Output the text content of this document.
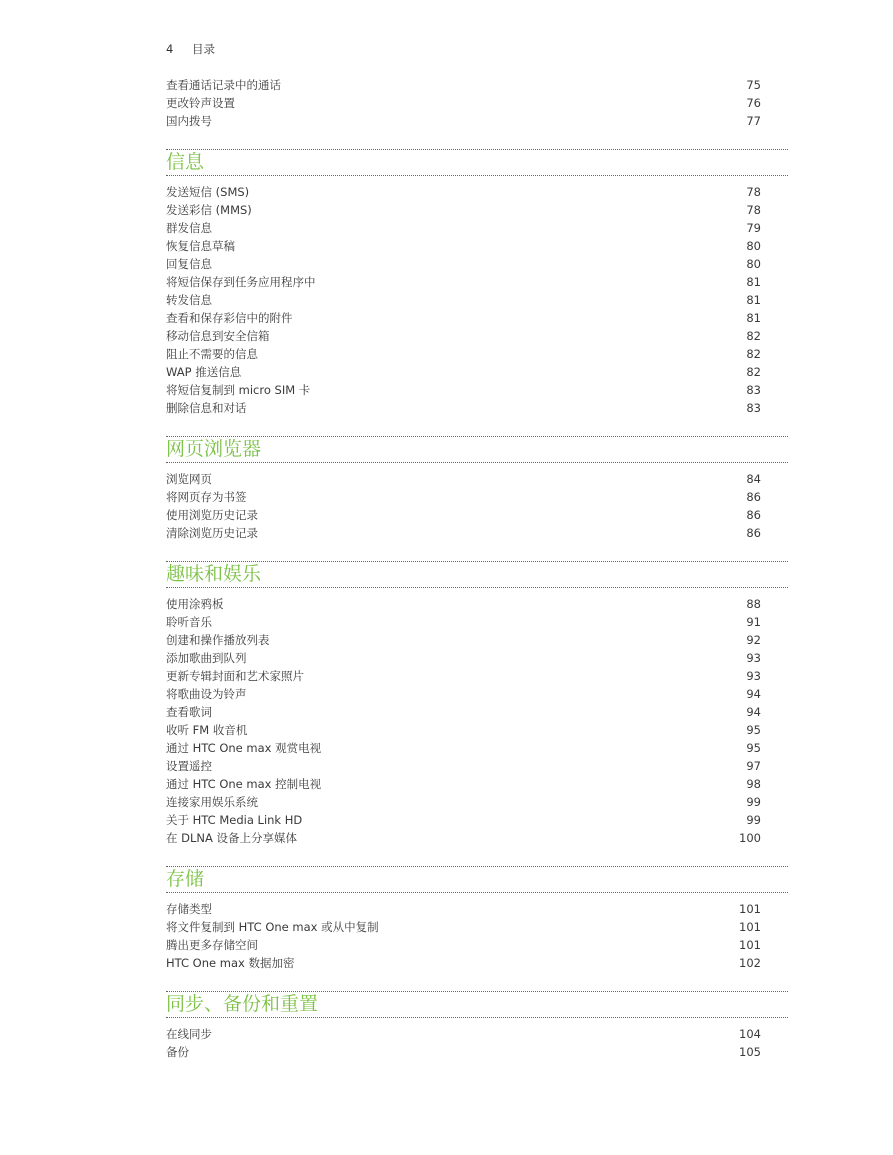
4 目录
查看通话记录中的通话	75
更改铃声设置	76
国内拨号	77
信息
发送短信 (SMS)	78
发送彩信 (MMS)	78
群发信息	79
恢复信息草稿	80
回复信息	80
将短信保存到任务应用程序中	81
转发信息	81
查看和保存彩信中的附件	81
移动信息到安全信箱	82
阻止不需要的信息	82
WAP 推送信息	82
将短信复制到 micro SIM 卡	83
删除信息和对话	83
网页浏览器
浏览网页	84
将网页存为书签	86
使用浏览历史记录	86
清除浏览历史记录	86
趣味和娱乐
使用涂鸦板	88
聆听音乐	91
创建和操作播放列表	92
添加歌曲到队列	93
更新专辑封面和艺术家照片	93
将歌曲设为铃声	94
查看歌词	94
收听 FM 收音机	95
通过 HTC One max 观赏电视	95
设置遥控	97
通过 HTC One max 控制电视	98
连接家用娱乐系统	99
关于 HTC Media Link HD	99
在 DLNA 设备上分享媒体	100
存储
存储类型	101
将文件复制到 HTC One max 或从中复制	101
腾出更多存储空间	101
HTC One max 数据加密	102
同步、备份和重置
在线同步	104
备份	105
